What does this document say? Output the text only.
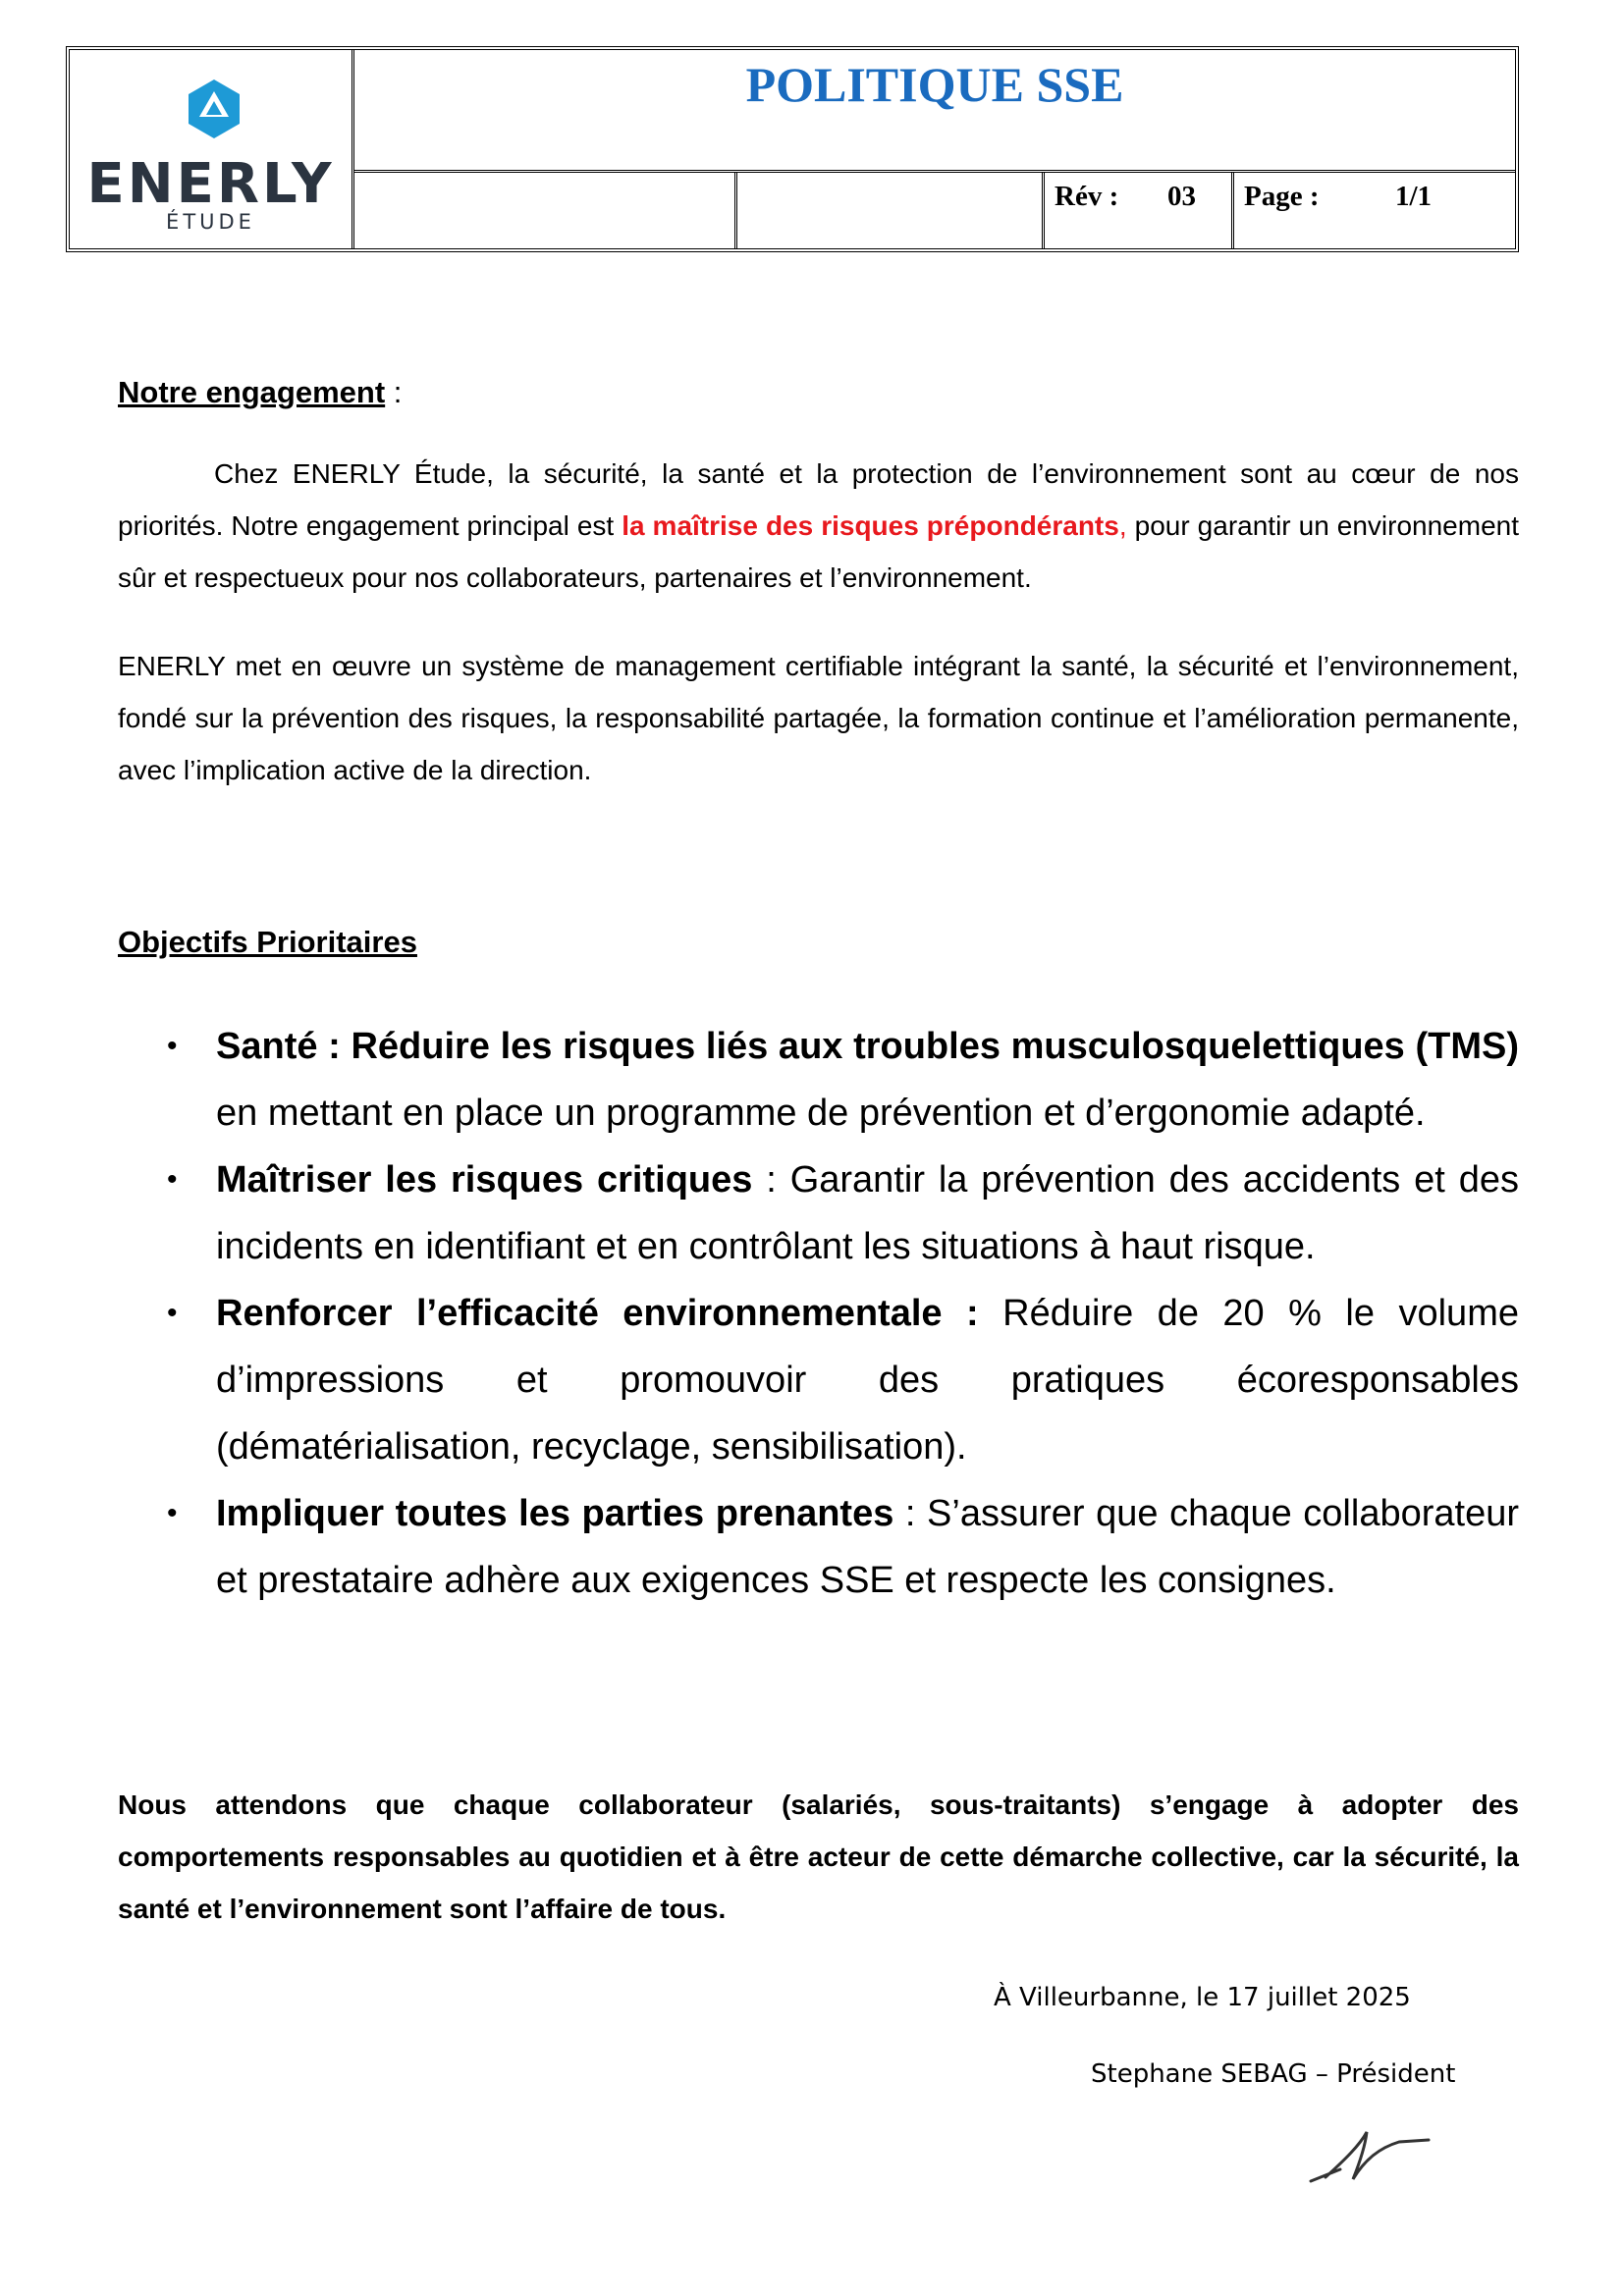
ENERLY
ÉTUDE
POLITIQUE SSE
Rév : 03 Page :	1/1
Notre engagement :

Chez ENERLY Étude, la sécurité, la santé et la protection de l’environnement sont au cœur de nos priorités. Notre engagement principal est la maîtrise des risques prépondérants, pour garantir un environnement sûr et respectueux pour nos collaborateurs, partenaires et l’environnement.

ENERLY met en œuvre un système de management certifiable intégrant la santé, la sécurité et l’environnement, fondé sur la prévention des risques, la responsabilité partagée, la formation continue et l’amélioration permanente, avec l’implication active de la direction.

Objectifs Prioritaires
• Santé : Réduire les risques liés aux troubles musculosquelettiques (TMS) en mettant en place un programme de prévention et d’ergonomie adapté.
• Maîtriser les risques critiques : Garantir la prévention des accidents et des incidents en identifiant et en contrôlant les situations à haut risque.
• Renforcer l’efficacité environnementale : Réduire de 20 % le volume d’impressions et promouvoir des pratiques écoresponsables (dématérialisation, recyclage, sensibilisation).
• Impliquer toutes les parties prenantes : S’assurer que chaque collaborateur et prestataire adhère aux exigences SSE et respecte les consignes.

Nous attendons que chaque collaborateur (salariés, sous-traitants) s’engage à adopter des comportements responsables au quotidien et à être acteur de cette démarche collective, car la sécurité, la santé et l’environnement sont l’affaire de tous.

À Villeurbanne, le 17 juillet 2025
Stephane SEBAG – Président
